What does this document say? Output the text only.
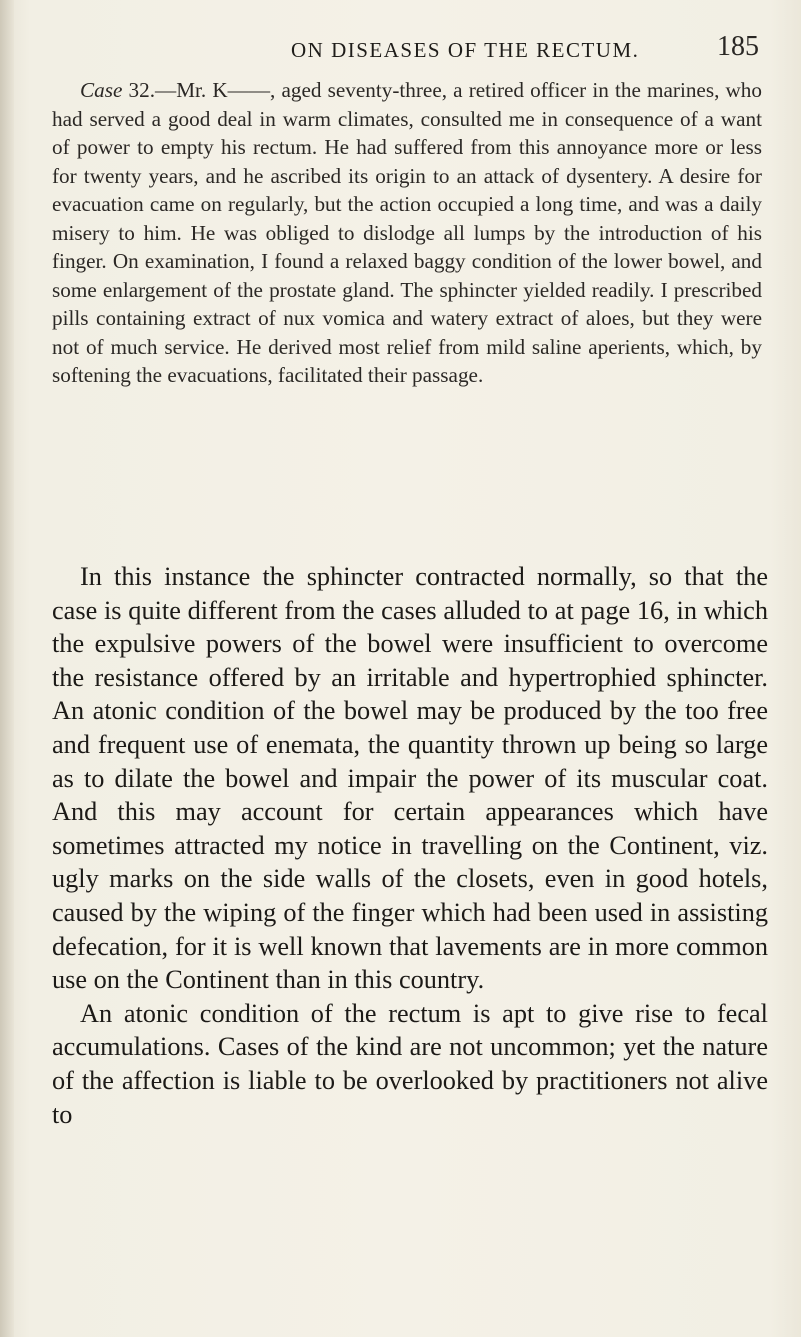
ON DISEASES OF THE RECTUM.	185
Case 32.—Mr. K——, aged seventy-three, a retired officer in the marines, who had served a good deal in warm climates, consulted me in consequence of a want of power to empty his rectum. He had suffered from this annoyance more or less for twenty years, and he ascribed its origin to an attack of dysentery. A desire for evacuation came on regularly, but the action occupied a long time, and was a daily misery to him. He was obliged to dislodge all lumps by the introduction of his finger. On examination, I found a relaxed baggy condition of the lower bowel, and some enlargement of the prostate gland. The sphincter yielded readily. I prescribed pills containing extract of nux vomica and watery extract of aloes, but they were not of much service. He derived most relief from mild saline aperients, which, by softening the evacuations, facilitated their passage.

In this instance the sphincter contracted normally, so that the case is quite different from the cases alluded to at page 16, in which the expulsive powers of the bowel were insufficient to overcome the resistance offered by an irritable and hypertrophied sphincter. An atonic condition of the bowel may be produced by the too free and frequent use of enemata, the quantity thrown up being so large as to dilate the bowel and impair the power of its muscular coat. And this may account for certain appearances which have sometimes attracted my notice in travelling on the Continent, viz. ugly marks on the side walls of the closets, even in good hotels, caused by the wiping of the finger which had been used in assisting defecation, for it is well known that lavements are in more common use on the Continent than in this country.

An atonic condition of the rectum is apt to give rise to fecal accumulations. Cases of the kind are not uncommon; yet the nature of the affection is liable to be overlooked by practitioners not alive to
